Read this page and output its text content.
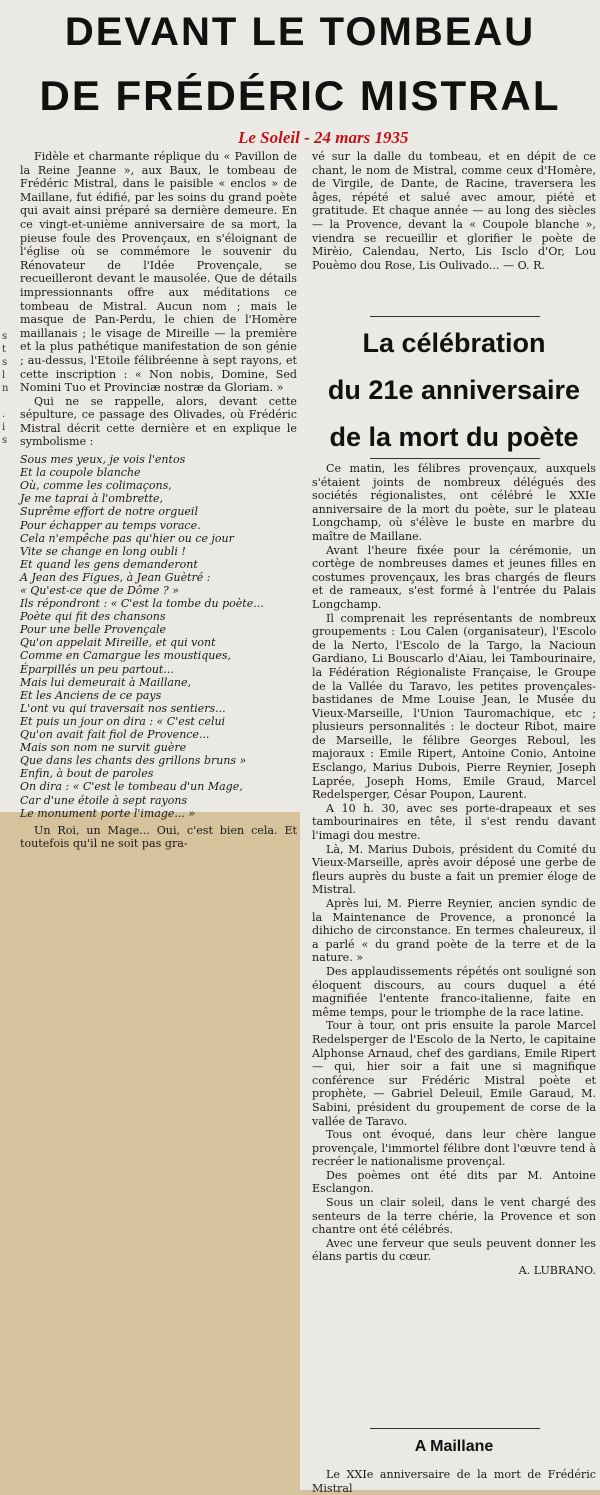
s
t
s
l
n

.
i
s
DEVANT LE TOMBEAU
DE FRÉDÉRIC MISTRAL
Le Soleil - 24 mars 1935

Fidèle et charmante réplique du « Pavillon de la Reine Jeanne », aux Baux, le tombeau de Frédéric Mistral, dans le paisible « enclos » de Maillane, fut édifié, par les soins du grand poète qui avait ainsi préparé sa dernière demeure. En ce vingt-et-unième anniversaire de sa mort, la pieuse foule des Provençaux, en s'éloignant de l'église où se commémore le souvenir du Rénovateur de l'Idée Provençale, se recueilleront devant le mausolée. Que de détails impressionnants offre aux méditations ce tombeau de Mistral. Aucun nom ; mais le masque de Pan-Perdu, le chien de l'Homère maillanais ; le visage de Mireille — la première et la plus pathétique manifestation de son génie ; au-dessus, l'Etoile félibréenne à sept rayons, et cette inscription : « Non nobis, Domine, Sed Nomini Tuo et Provinciæ nostræ da Gloriam. »

Qui ne se rappelle, alors, devant cette sépulture, ce passage des Olivades, où Frédéric Mistral décrit cette dernière et en explique le symbolisme :

Sous mes yeux, je vois l'entos
Et la coupole blanche
Où, comme les colimaçons,
Je me taprai à l'ombrette,
Suprême effort de notre orgueil
Pour échapper au temps vorace.
Cela n'empêche pas qu'hier ou ce jour
Vite se change en long oubli !
Et quand les gens demanderont
A Jean des Figues, à Jean Guètré :
« Qu'est-ce que de Dôme ? »
Ils répondront : « C'est la tombe du poète...
Poète qui fit des chansons
Pour une belle Provençale
Qu'on appelait Mireille, et qui vont
Comme en Camargue les moustiques,
Éparpillés un peu partout...
Mais lui demeurait à Maillane,
Et les Anciens de ce pays
L'ont vu qui traversait nos sentiers...
Et puis un jour on dira : « C'est celui
Qu'on avait fait fiol de Provence...
Mais son nom ne survit guère
Que dans les chants des grillons bruns »
Enfin, à bout de paroles
On dira : « C'est le tombeau d'un Mage,
Car d'une étoile à sept rayons
Le monument porte l'image... »

Un Roi, un Mage... Oui, c'est bien cela. Et toutefois qu'il ne soit pas gra-

vé sur la dalle du tombeau, et en dépit de ce chant, le nom de Mistral, comme ceux d'Homère, de Virgile, de Dante, de Racine, traversera les âges, répété et salué avec amour, piété et gratitude. Et chaque année — au long des siècles — la Provence, devant la « Coupole blanche », viendra se recueillir et glorifier le poète de Mirèio, Calendau, Nerto, Lis Isclo d'Or, Lou Pouèmo dou Rose, Lis Oulivado... — O. R.

La célébration
du 21e anniversaire
de la mort du poète

Ce matin, les félibres provençaux, auxquels s'étaient joints de nombreux délégués des sociétés régionalistes, ont célébré le XXIe anniversaire de la mort du poète, sur le plateau Longchamp, où s'élève le buste en marbre du maître de Maillane.

Avant l'heure fixée pour la cérémonie, un cortège de nombreuses dames et jeunes filles en costumes provençaux, les bras chargés de fleurs et de rameaux, s'est formé à l'entrée du Palais Longchamp.

Il comprenait les représentants de nombreux groupements : Lou Calen (organisateur), l'Escolo de la Nerto, l'Escolo de la Targo, la Nacioun Gardiano, Li Bouscarlo d'Aiau, lei Tambourinaire, la Fédération Régionaliste Française, le Groupe de la Vallée du Taravo, les petites provençales-bastidanes de Mme Louise Jean, le Musée du Vieux-Marseille, l'Union Tauromachique, etc ; plusieurs personnalités : le docteur Ribot, maire de Marseille, le félibre Georges Reboul, les majoraux : Emile Ripert, Antoine Conio, Antoine Esclango, Marius Dubois, Pierre Reynier, Joseph Laprée, Joseph Homs, Emile Graud, Marcel Redelsperger, César Poupon, Laurent.

A 10 h. 30, avec ses porte-drapeaux et ses tambourinaires en tête, il s'est rendu davant l'imagi dou mestre.

Là, M. Marius Dubois, président du Comité du Vieux-Marseille, après avoir déposé une gerbe de fleurs auprès du buste a fait un premier éloge de Mistral.

Après lui, M. Pierre Reynier, ancien syndic de la Maintenance de Provence, a prononcé la dihicho de circonstance. En termes chaleureux, il a parlé « du grand poète de la terre et de la nature. »

Des applaudissements répétés ont souligné son éloquent discours, au cours duquel a été magnifiée l'entente franco-italienne, faite en même temps, pour le triomphe de la race latine.

Tour à tour, ont pris ensuite la parole Marcel Redelsperger de l'Escolo de la Nerto, le capitaine Alphonse Arnaud, chef des gardians, Emile Ripert — qui, hier soir a fait une si magnifique conférence sur Frédéric Mistral poète et prophète, — Gabriel Deleuil, Emile Garaud, M. Sabini, président du groupement de corse de la vallée de Taravo.

Tous ont évoqué, dans leur chère langue provençale, l'immortel félibre dont l'œuvre tend à recréer le nationalisme provençal.

Des poèmes ont été dits par M. Antoine Esclangon.

Sous un clair soleil, dans le vent chargé des senteurs de la terre chérie, la Provence et son chantre ont été célébrés.

Avec une ferveur que seuls peuvent donner les élans partis du cœur.

A. LUBRANO.

A Maillane

Le XXIe anniversaire de la mort de Frédéric Mistral
